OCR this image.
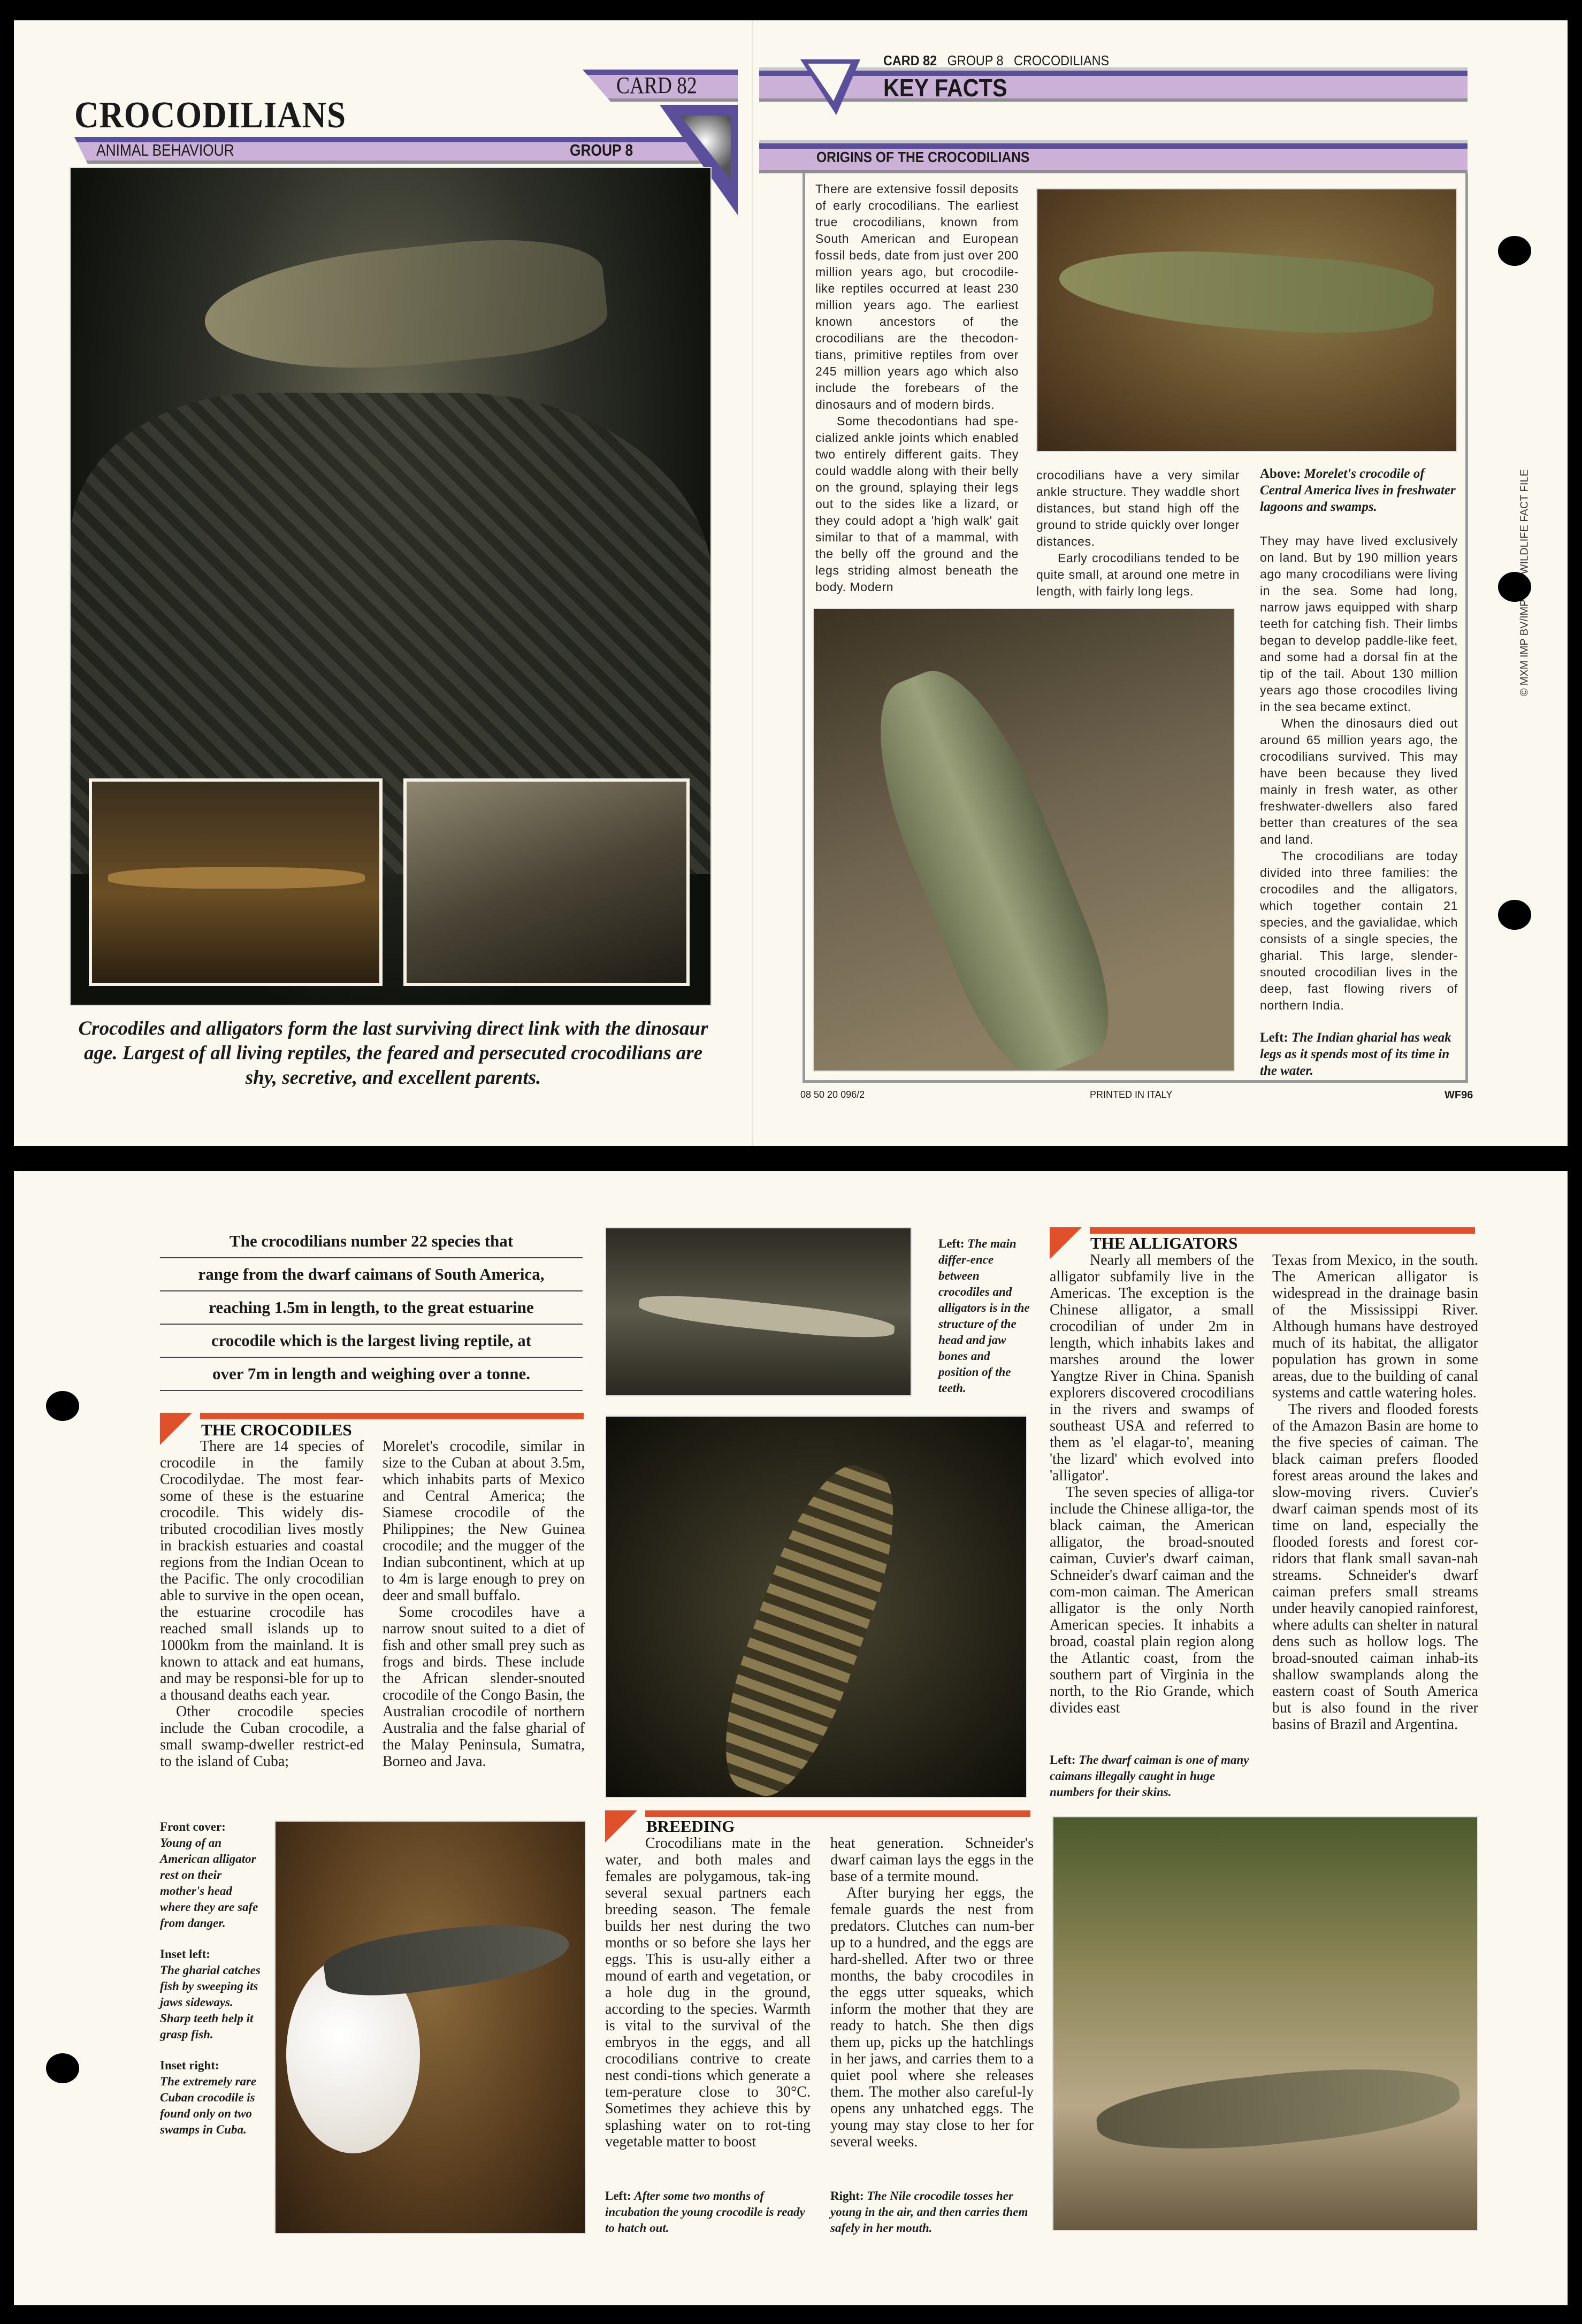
CROCODILIANS
ANIMAL BEHAVIOUR	GROUP 8
CARD 82
Crocodiles and alligators form the last surviving direct link with the dinosaur age. Largest of all living reptiles, the feared and persecuted crocodilians are shy, secretive, and excellent parents.
CARD 82 GROUP 8 CROCODILIANS
KEY FACTS
ORIGINS OF THE CROCODILIANS

There are extensive fossil deposits of early crocodilians. The earliest true crocodilians, known from South American and European fossil beds, date from just over 200 million years ago, but crocodile-like reptiles occurred at least 230 million years ago. The earliest known ancestors of the crocodilians are the thecodon-tians, primitive reptiles from over 245 million years ago which also include the forebears of the dinosaurs and of modern birds.

Some thecodontians had spe-cialized ankle joints which enabled two entirely different gaits. They could waddle along with their belly on the ground, splaying their legs out to the sides like a lizard, or they could adopt a 'high walk' gait similar to that of a mammal, with the belly off the ground and the legs striding almost beneath the body. Modern

crocodilians have a very similar ankle structure. They waddle short distances, but stand high off the ground to stride quickly over longer distances.

Early crocodilians tended to be quite small, at around one metre in length, with fairly long legs.

Above: Morelet's crocodile of Central America lives in freshwater lagoons and swamps.

They may have lived exclusively on land. But by 190 million years ago many crocodilians were living in the sea. Some had long, narrow jaws equipped with sharp teeth for catching fish. Their limbs began to develop paddle-like feet, and some had a dorsal fin at the tip of the tail. About 130 million years ago those crocodiles living in the sea became extinct.

When the dinosaurs died out around 65 million years ago, the crocodilians survived. This may have been because they lived mainly in fresh water, as other freshwater-dwellers also fared better than creatures of the sea and land.

The crocodilians are today divided into three families: the crocodiles and the alligators, which together contain 21 species, and the gavialidae, which consists of a single species, the gharial. This large, slender-snouted crocodilian lives in the deep, fast flowing rivers of northern India.

Left: The Indian gharial has weak legs as it spends most of its time in the water.
08 50 20 096/2	PRINTED IN ITALY	WF96
The crocodilians number 22 species that
range from the dwarf caimans of South America,
reaching 1.5m in length, to the great estuarine
crocodile which is the largest living reptile, at
over 7m in length and weighing over a tonne.
THE CROCODILES

There are 14 species of crocodile in the family Crocodilydae. The most fear-some of these is the estuarine crocodile. This widely dis-tributed crocodilian lives mostly in brackish estuaries and coastal regions from the Indian Ocean to the Pacific. The only crocodilian able to survive in the open ocean, the estuarine crocodile has reached small islands up to 1000km from the mainland. It is known to attack and eat humans, and may be responsi-ble for up to a thousand deaths each year.

Other crocodile species include the Cuban crocodile, a small swamp-dweller restrict-ed to the island of Cuba;

Morelet's crocodile, similar in size to the Cuban at about 3.5m, which inhabits parts of Mexico and Central America; the Siamese crocodile of the Philippines; the New Guinea crocodile; and the mugger of the Indian subcontinent, which at up to 4m is large enough to prey on deer and small buffalo.

Some crocodiles have a narrow snout suited to a diet of fish and other small prey such as frogs and birds. These include the African slender-snouted crocodile of the Congo Basin, the Australian crocodile of northern Australia and the false gharial of the Malay Peninsula, Sumatra, Borneo and Java.

Front cover:
Young of an American alligator rest on their mother's head where they are safe from danger.

Inset left:
The gharial catches fish by sweeping its jaws sideways. Sharp teeth help it grasp fish.

Inset right:
The extremely rare Cuban crocodile is found only on two swamps in Cuba.

Left: The main differ-ence between crocodiles and alligators is in the structure of the head and jaw bones and position of the teeth.
BREEDING

Crocodilians mate in the water, and both males and females are polygamous, tak-ing several sexual partners each breeding season. The female builds her nest during the two months or so before she lays her eggs. This is usu-ally either a mound of earth and vegetation, or a hole dug in the ground, according to the species. Warmth is vital to the survival of the embryos in the eggs, and all crocodilians contrive to create nest condi-tions which generate a tem-perature close to 30°C. Sometimes they achieve this by splashing water on to rot-ting vegetable matter to boost

heat generation. Schneider's dwarf caiman lays the eggs in the base of a termite mound.

After burying her eggs, the female guards the nest from predators. Clutches can num-ber up to a hundred, and the eggs are hard-shelled. After two or three months, the baby crocodiles in the eggs utter squeaks, which inform the mother that they are ready to hatch. She then digs them up, picks up the hatchlings in her jaws, and carries them to a quiet pool where she releases them. The mother also careful-ly opens any unhatched eggs. The young may stay close to her for several weeks.

Left: After some two months of incubation the young crocodile is ready to hatch out.
Right: The Nile crocodile tosses her young in the air, and then carries them safely in her mouth.
THE ALLIGATORS

Nearly all members of the alligator subfamily live in the Americas. The exception is the Chinese alligator, a small crocodilian of under 2m in length, which inhabits lakes and marshes around the lower Yangtze River in China. Spanish explorers discovered crocodilians in the rivers and swamps of southeast USA and referred to them as 'el elagar-to', meaning 'the lizard' which evolved into 'alligator'.

The seven species of alliga-tor include the Chinese alliga-tor, the black caiman, the American alligator, the broad-snouted caiman, Cuvier's dwarf caiman, Schneider's dwarf caiman and the com-mon caiman. The American alligator is the only North American species. It inhabits a broad, coastal plain region along the Atlantic coast, from the southern part of Virginia in the north, to the Rio Grande, which divides east

Left: The dwarf caiman is one of many caimans illegally caught in huge numbers for their skins.

Texas from Mexico, in the south. The American alligator is widespread in the drainage basin of the Mississippi River. Although humans have destroyed much of its habitat, the alligator population has grown in some areas, due to the building of canal systems and cattle watering holes.

The rivers and flooded forests of the Amazon Basin are home to the five species of caiman. The black caiman prefers flooded forest areas around the lakes and slow-moving rivers. Cuvier's dwarf caiman spends most of its time on land, especially the flooded forests and forest cor-ridors that flank small savan-nah streams. Schneider's dwarf caiman prefers small streams under heavily canopied rainforest, where adults can shelter in natural dens such as hollow logs. The broad-snouted caiman inhab-its shallow swamplands along the eastern coast of South America but is also found in the river basins of Brazil and Argentina.
